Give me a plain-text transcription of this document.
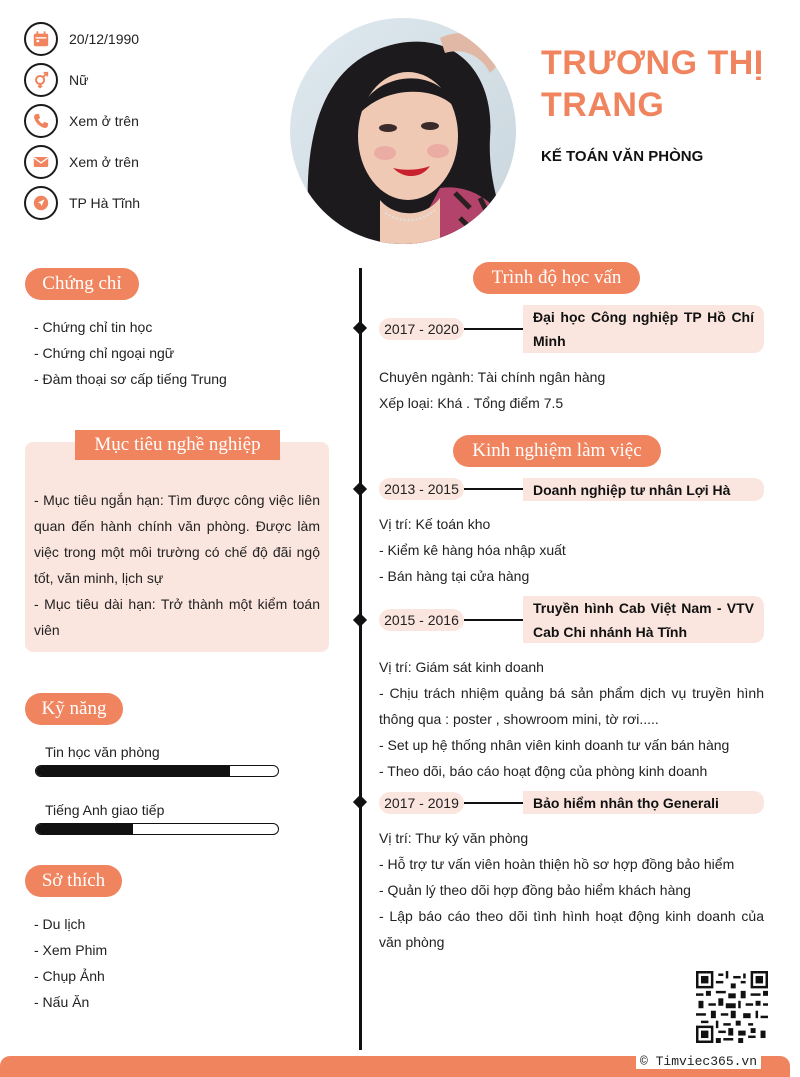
20/12/1990
Nữ
Xem ở trên
Xem ở trên
TP Hà Tĩnh
TRƯƠNG THỊ
TRANG
KẾ TOÁN VĂN PHÒNG
Chứng chỉ
- Chứng chỉ tin học
- Chứng chỉ ngoại ngữ
- Đàm thoại sơ cấp tiếng Trung
Mục tiêu nghề nghiệp
- Mục tiêu ngắn hạn: Tìm được công việc liên quan đến hành chính văn phòng. Được làm việc trong một môi trường có chế độ đãi ngộ tốt, văn minh, lịch sự
- Mục tiêu dài hạn: Trở thành một kiểm toán viên
Kỹ năng
Tin học văn phòng
Tiếng Anh giao tiếp
Sở thích
- Du lịch
- Xem Phim
- Chụp Ảnh
- Nấu Ăn
Trình độ học vấn
2017 - 2020
Đại học Công nghiệp TP Hồ Chí Minh
Chuyên ngành: Tài chính ngân hàng
Xếp loại: Khá . Tổng điểm 7.5
Kinh nghiệm làm việc
2013 - 2015	Doanh nghiệp tư nhân Lợi Hà
Vị trí: Kế toán kho
- Kiểm kê hàng hóa nhập xuất
- Bán hàng tại cửa hàng
2015 - 2016
Truyền hình Cab Việt Nam - VTV Cab Chi nhánh Hà Tĩnh
Vị trí: Giám sát kinh doanh
- Chịu trách nhiệm quảng bá sản phẩm dịch vụ truyền hình thông qua : poster , showroom mini, tờ rơi.....
- Set up hệ thống nhân viên kinh doanh tư vấn bán hàng
- Theo dõi, báo cáo hoạt động của phòng kinh doanh
2017 - 2019	Bảo hiểm nhân thọ Generali
Vị trí: Thư ký văn phòng
- Hỗ trợ tư vấn viên hoàn thiện hồ sơ hợp đồng bảo hiểm
- Quản lý theo dõi hợp đồng bảo hiểm khách hàng
- Lập báo cáo theo dõi tình hình hoạt động kinh doanh của văn phòng
© Timviec365.vn
